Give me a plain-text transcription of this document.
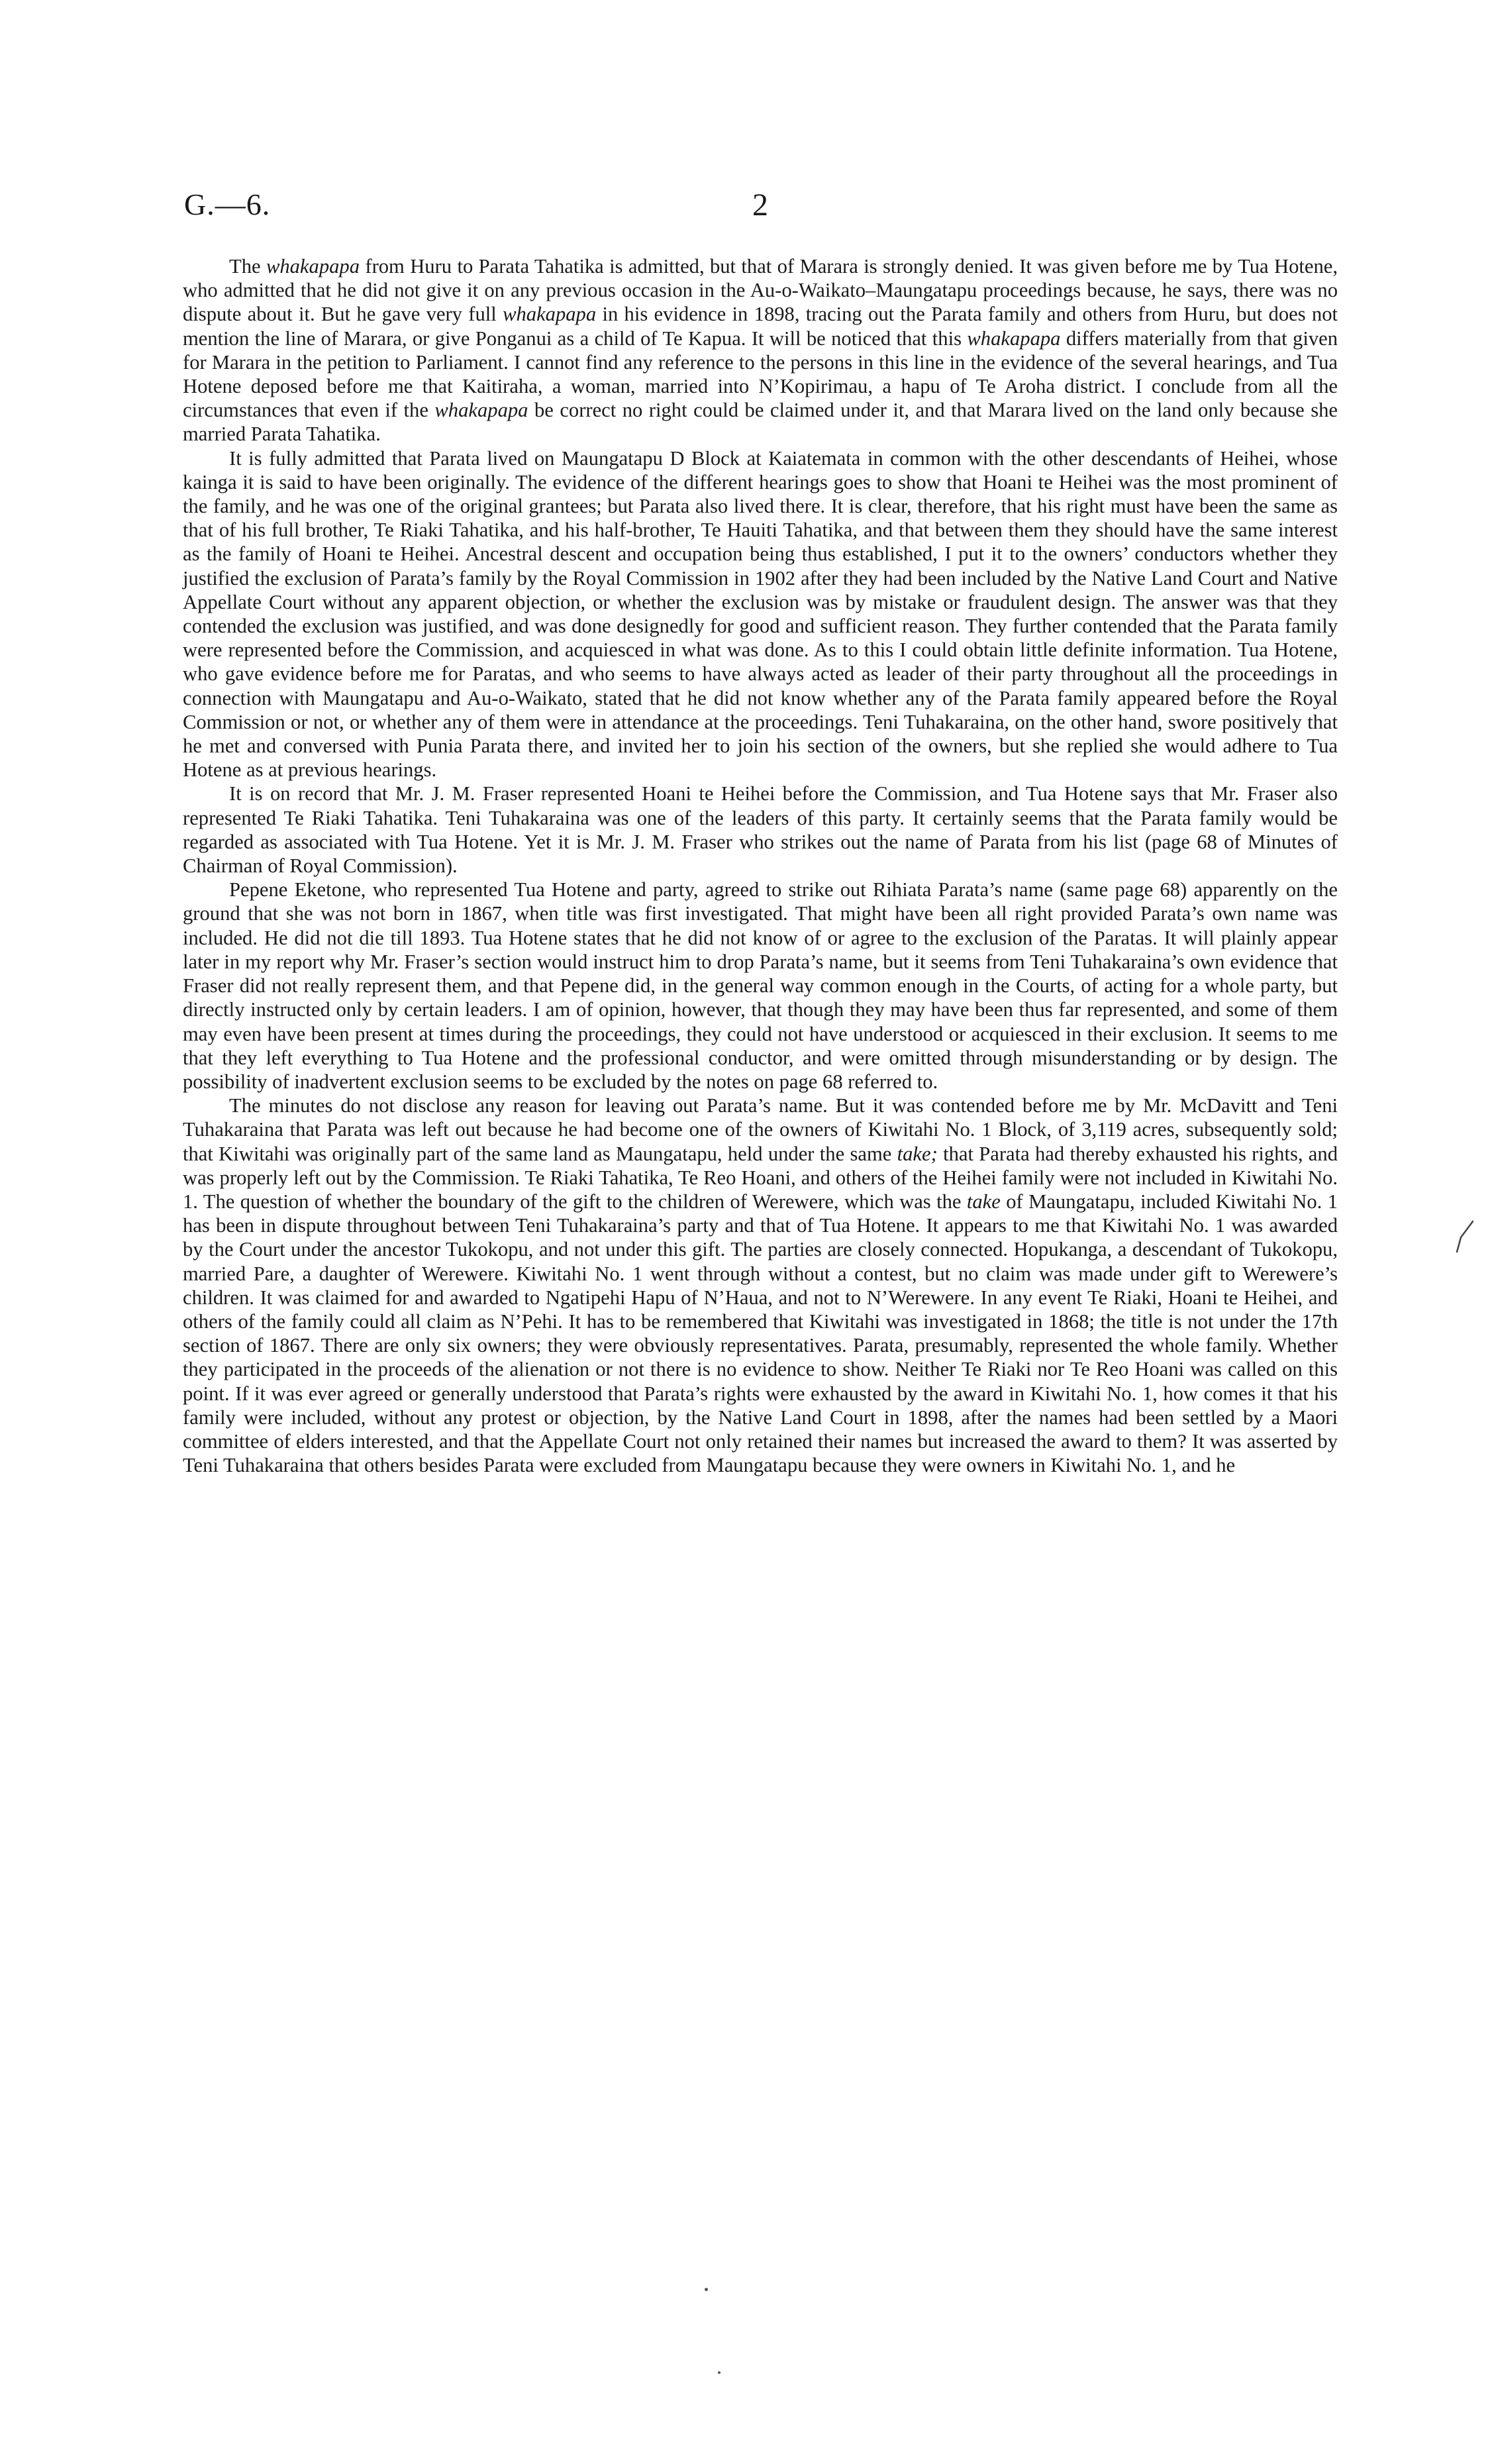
G.—6.	2

The whakapapa from Huru to Parata Tahatika is admitted, but that of Marara is strongly denied. It was given before me by Tua Hotene, who admitted that he did not give it on any previous occasion in the Au-o-Waikato–Maungatapu proceedings because, he says, there was no dispute about it. But he gave very full whakapapa in his evidence in 1898, tracing out the Parata family and others from Huru, but does not mention the line of Marara, or give Ponganui as a child of Te Kapua. It will be noticed that this whakapapa differs materially from that given for Marara in the petition to Parliament. I cannot find any reference to the persons in this line in the evidence of the several hearings, and Tua Hotene deposed before me that Kaitiraha, a woman, married into N’Kopirimau, a hapu of Te Aroha district. I conclude from all the circumstances that even if the whakapapa be correct no right could be claimed under it, and that Marara lived on the land only because she married Parata Tahatika.

It is fully admitted that Parata lived on Maungatapu D Block at Kaiatemata in common with the other descendants of Heihei, whose kainga it is said to have been originally. The evidence of the different hearings goes to show that Hoani te Heihei was the most prominent of the family, and he was one of the original grantees; but Parata also lived there. It is clear, therefore, that his right must have been the same as that of his full brother, Te Riaki Tahatika, and his half-brother, Te Hauiti Tahatika, and that between them they should have the same interest as the family of Hoani te Heihei. Ancestral descent and occupation being thus established, I put it to the owners’ conductors whether they justified the exclusion of Parata’s family by the Royal Commission in 1902 after they had been included by the Native Land Court and Native Appellate Court without any apparent objection, or whether the exclusion was by mistake or fraudulent design. The answer was that they contended the exclusion was justified, and was done designedly for good and sufficient reason. They further contended that the Parata family were represented before the Commission, and acquiesced in what was done. As to this I could obtain little definite information. Tua Hotene, who gave evidence before me for Paratas, and who seems to have always acted as leader of their party throughout all the proceedings in connection with Maungatapu and Au-o-Waikato, stated that he did not know whether any of the Parata family appeared before the Royal Commission or not, or whether any of them were in attendance at the proceedings. Teni Tuhakaraina, on the other hand, swore positively that he met and conversed with Punia Parata there, and invited her to join his section of the owners, but she replied she would adhere to Tua Hotene as at previous hearings.

It is on record that Mr. J. M. Fraser represented Hoani te Heihei before the Commission, and Tua Hotene says that Mr. Fraser also represented Te Riaki Tahatika. Teni Tuhakaraina was one of the leaders of this party. It certainly seems that the Parata family would be regarded as associated with Tua Hotene. Yet it is Mr. J. M. Fraser who strikes out the name of Parata from his list (page 68 of Minutes of Chairman of Royal Commission).

Pepene Eketone, who represented Tua Hotene and party, agreed to strike out Rihiata Parata’s name (same page 68) apparently on the ground that she was not born in 1867, when title was first investigated. That might have been all right provided Parata’s own name was included. He did not die till 1893. Tua Hotene states that he did not know of or agree to the exclusion of the Paratas. It will plainly appear later in my report why Mr. Fraser’s section would instruct him to drop Parata’s name, but it seems from Teni Tuhakaraina’s own evidence that Fraser did not really represent them, and that Pepene did, in the general way common enough in the Courts, of acting for a whole party, but directly instructed only by certain leaders. I am of opinion, however, that though they may have been thus far represented, and some of them may even have been present at times during the proceedings, they could not have understood or acquiesced in their exclusion. It seems to me that they left everything to Tua Hotene and the professional conductor, and were omitted through misunderstanding or by design. The possibility of inadvertent exclusion seems to be excluded by the notes on page 68 referred to.

The minutes do not disclose any reason for leaving out Parata’s name. But it was contended before me by Mr. McDavitt and Teni Tuhakaraina that Parata was left out because he had become one of the owners of Kiwitahi No. 1 Block, of 3,119 acres, subsequently sold; that Kiwitahi was originally part of the same land as Maungatapu, held under the same take; that Parata had thereby exhausted his rights, and was properly left out by the Commission. Te Riaki Tahatika, Te Reo Hoani, and others of the Heihei family were not included in Kiwitahi No. 1. The question of whether the boundary of the gift to the children of Werewere, which was the take of Maungatapu, included Kiwitahi No. 1 has been in dispute throughout between Teni Tuhakaraina’s party and that of Tua Hotene. It appears to me that Kiwitahi No. 1 was awarded by the Court under the ancestor Tukokopu, and not under this gift. The parties are closely connected. Hopukanga, a descendant of Tukokopu, married Pare, a daughter of Werewere. Kiwitahi No. 1 went through without a contest, but no claim was made under gift to Werewere’s children. It was claimed for and awarded to Ngatipehi Hapu of N’Haua, and not to N’Werewere. In any event Te Riaki, Hoani te Heihei, and others of the family could all claim as N’Pehi. It has to be remembered that Kiwitahi was investigated in 1868; the title is not under the 17th section of 1867. There are only six owners; they were obviously representatives. Parata, presumably, represented the whole family. Whether they participated in the proceeds of the alienation or not there is no evidence to show. Neither Te Riaki nor Te Reo Hoani was called on this point. If it was ever agreed or generally understood that Parata’s rights were exhausted by the award in Kiwitahi No. 1, how comes it that his family were included, without any protest or objection, by the Native Land Court in 1898, after the names had been settled by a Maori committee of elders interested, and that the Appellate Court not only retained their names but increased the award to them? It was asserted by Teni Tuhakaraina that others besides Parata were excluded from Maungatapu because they were owners in Kiwitahi No. 1, and he
